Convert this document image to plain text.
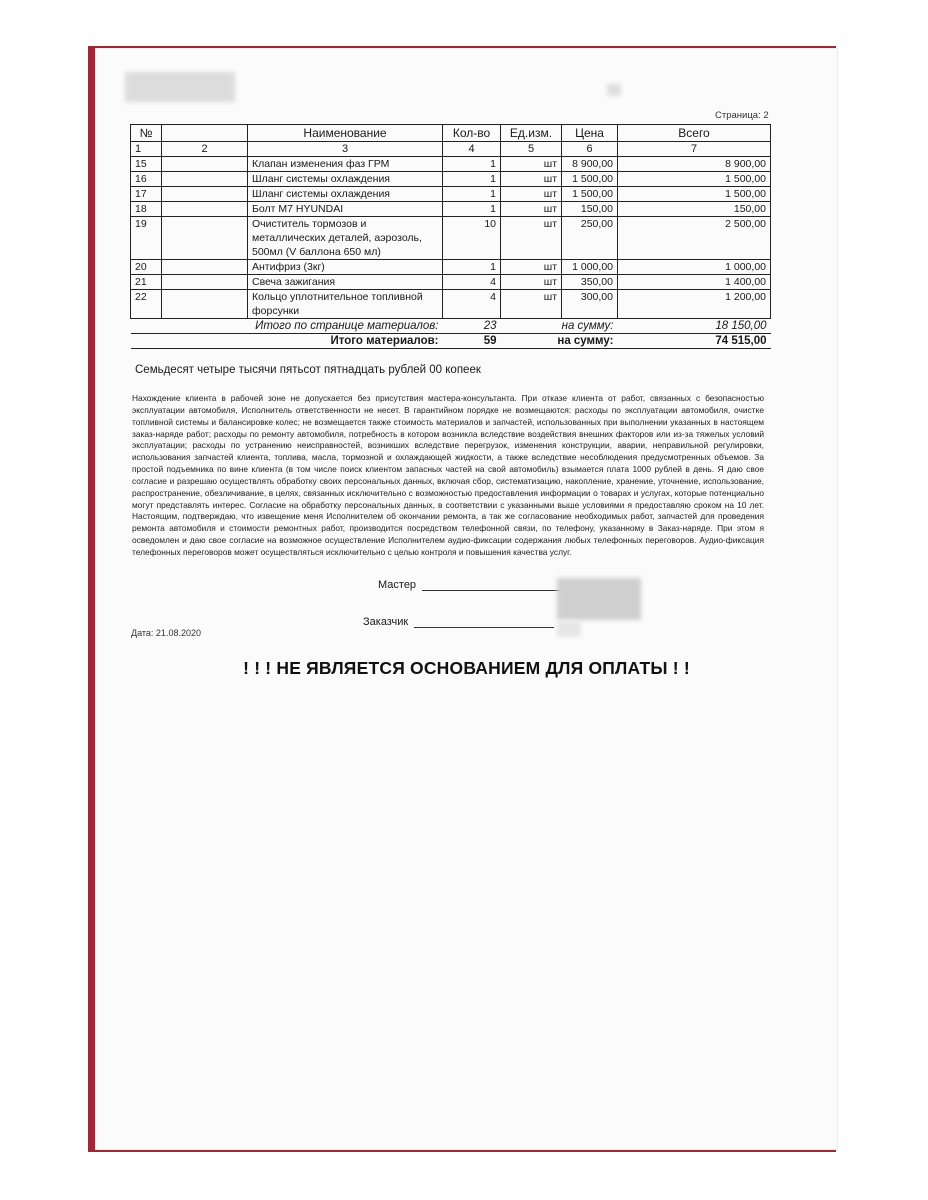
Страница: 2
№		Наименование	Кол-во	Ед.изм.	Цена	Всего
1	2	3	4	5	6	7
15		Клапан изменения фаз ГРМ	1	шт	8 900,00	8 900,00
16		Шланг системы охлаждения	1	шт	1 500,00	1 500,00
17		Шланг системы охлаждения	1	шт	1 500,00	1 500,00
18		Болт M7 HYUNDAI	1	шт	150,00	150,00
19		Очиститель тормозов и металлических деталей, аэрозоль, 500мл (V баллона 650 мл)	10	шт	250,00	2 500,00
20		Антифриз (3кг)	1	шт	1 000,00	1 000,00
21		Свеча зажигания	4	шт	350,00	1 400,00
22		Кольцо уплотнительное топливной форсунки	4	шт	300,00	1 200,00
Итого по странице материалов:			23	на сумму:		18 150,00
Итого материалов:			59	на сумму:		74 515,00
Семьдесят четыре тысячи пятьсот пятнадцать рублей 00 копеек
Нахождение клиента в рабочей зоне не допускается без присутствия мастера-консультанта. При отказе клиента от работ, связанных с безопасностью эксплуатации автомобиля, Исполнитель ответственности не несет. В гарантийном порядке не возмещаются: расходы по эксплуатации автомобиля, очистке топливной системы и балансировке колес; не возмещается также стоимость материалов и запчастей, использованных при выполнении указанных в настоящем заказ-наряде работ; расходы по ремонту автомобиля, потребность в котором возникла вследствие воздействия внешних факторов или из-за тяжелых условий эксплуатации; расходы по устранению неисправностей, возникших вследствие перегрузок, изменения конструкции, аварии, неправильной регулировки, использования запчастей клиента, топлива, масла, тормозной и охлаждающей жидкости, а также вследствие несоблюдения предусмотренных объемов. За простой подъемника по вине клиента (в том числе поиск клиентом запасных частей на свой автомобиль) взымается плата 1000 рублей в день. Я даю свое согласие и разрешаю осуществлять обработку своих персональных данных, включая сбор, систематизацию, накопление, хранение, уточнение, использование, распространение, обезличивание, в целях, связанных исключительно с возможностью предоставления информации о товарах и услугах, которые потенциально могут представлять интерес. Согласие на обработку персональных данных, в соответствии с указанными выше условиями я предоставляю сроком на 10 лет. Настоящим, подтверждаю, что извещение меня Исполнителем об окончании ремонта, а так же согласование необходимых работ, запчастей для проведения ремонта автомобиля и стоимости ремонтных работ, производится посредством телефонной связи, по телефону, указанному в Заказ-наряде. При этом я осведомлен и даю свое согласие на возможное осуществление Исполнителем аудио-фиксации содержания любых телефонных переговоров. Аудио-фиксация телефонных переговоров может осуществляться исключительно с целью контроля и повышения качества услуг.
Мастер
Дата: 21.08.2020
Заказчик
! ! ! НЕ ЯВЛЯЕТСЯ ОСНОВАНИЕМ ДЛЯ ОПЛАТЫ ! !
